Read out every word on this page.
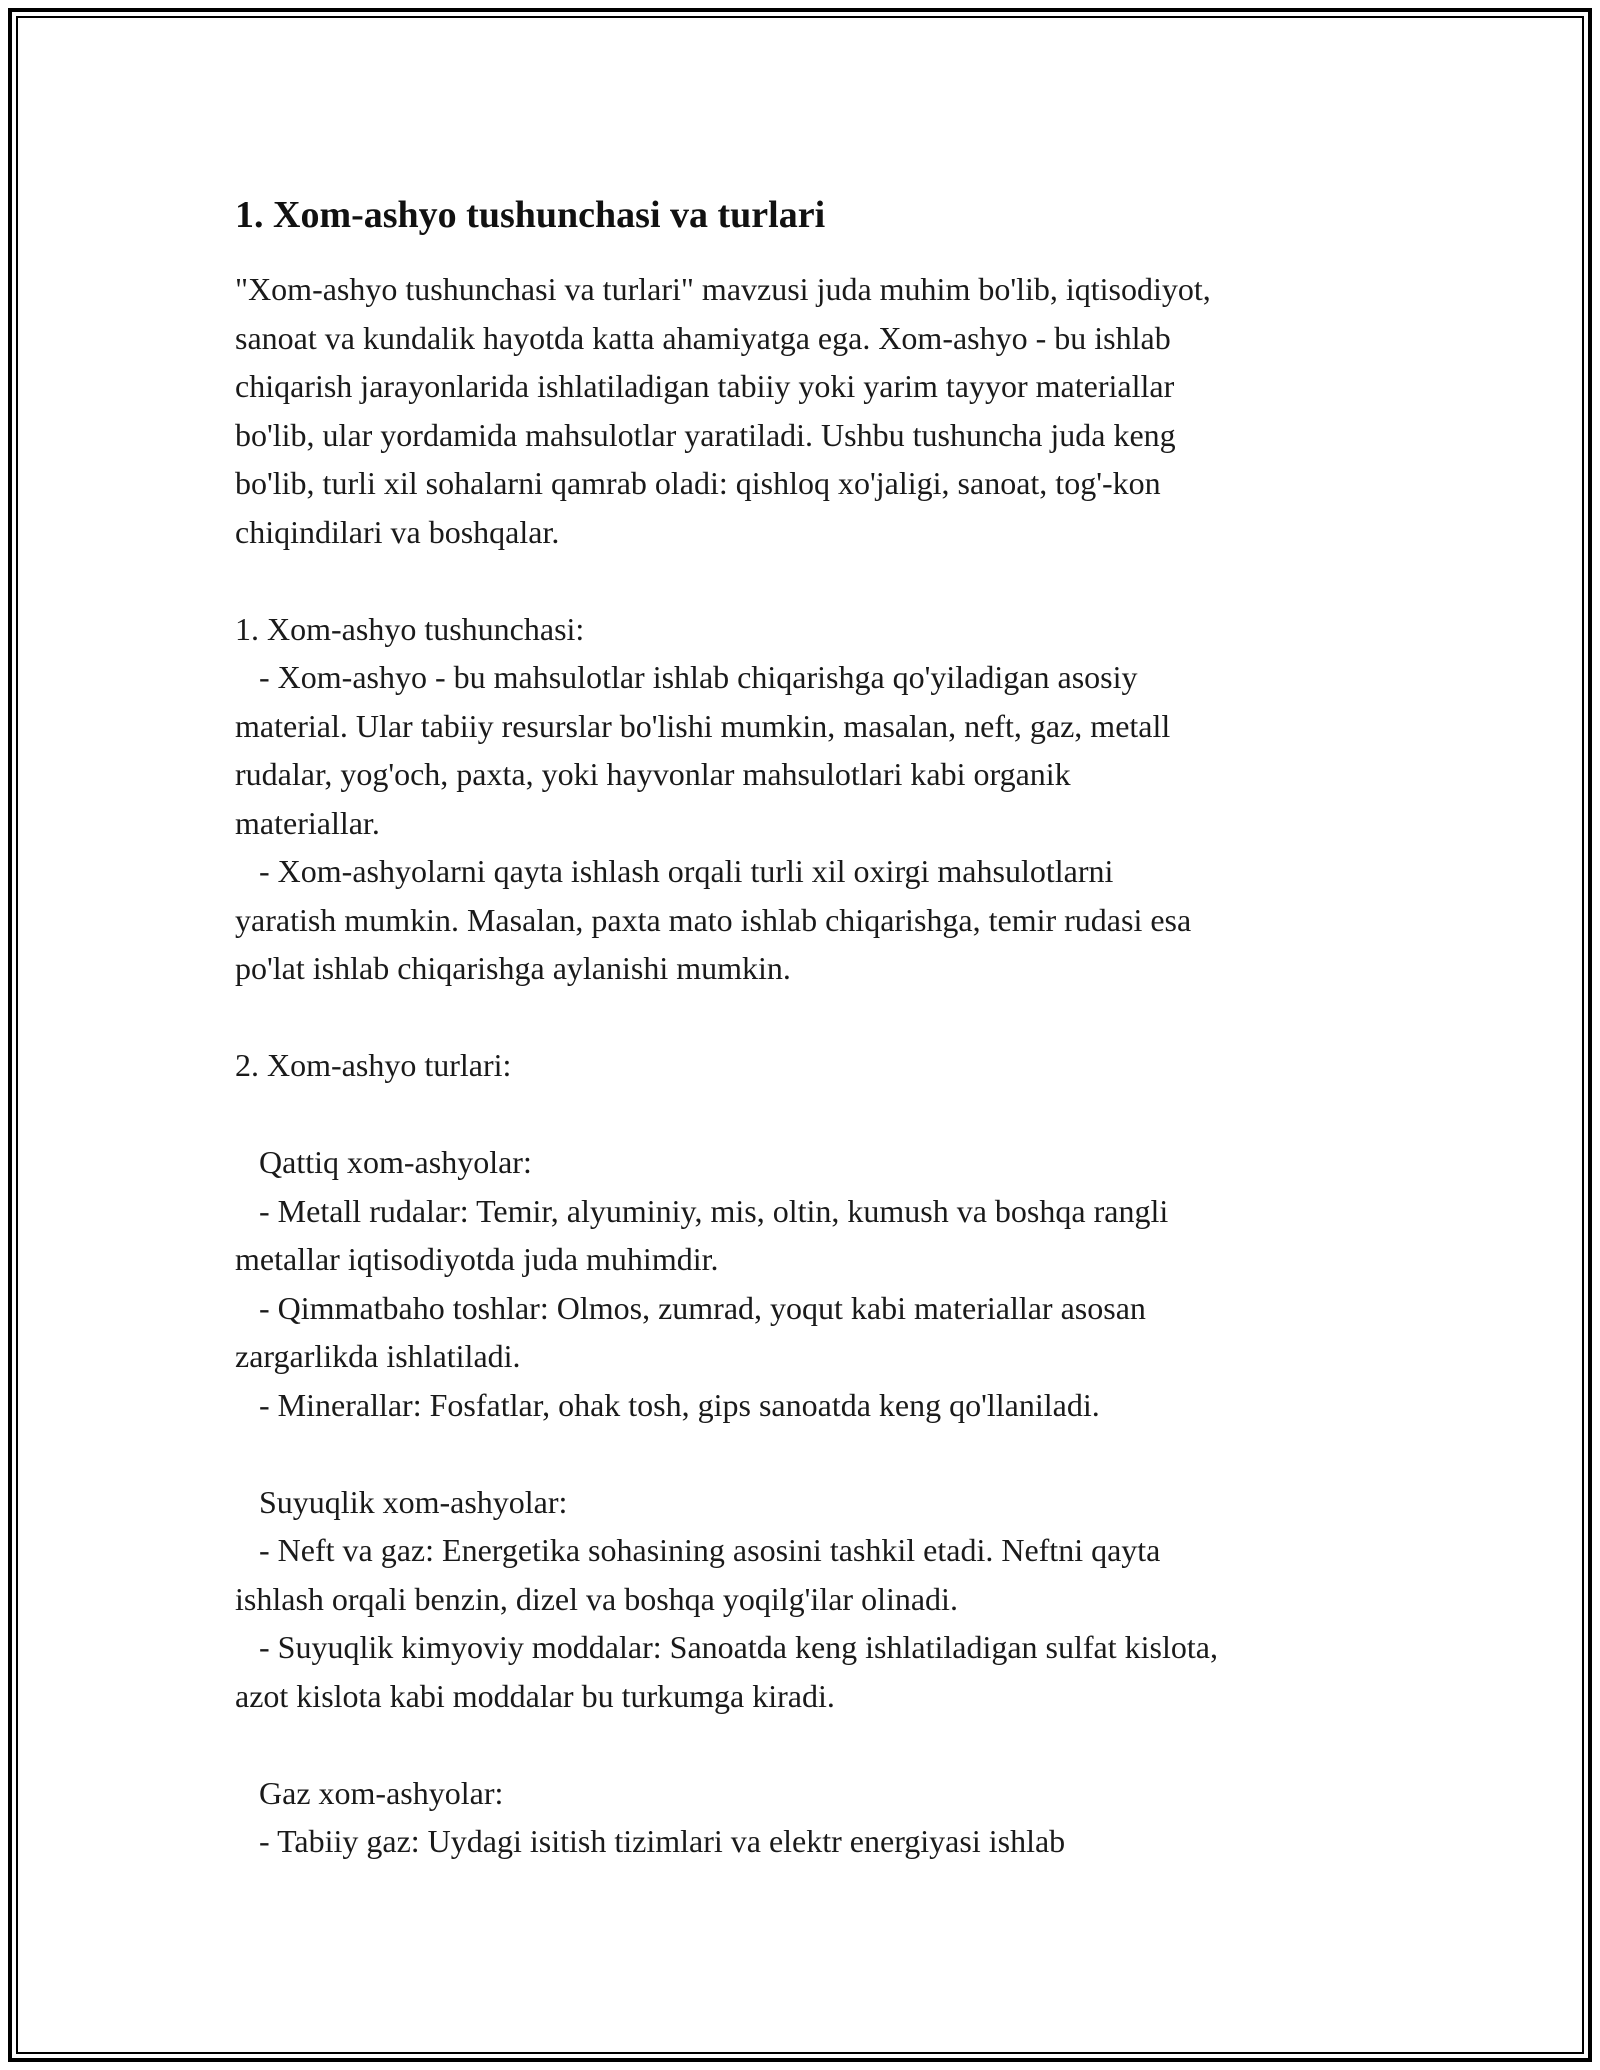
1. Xom-ashyo tushunchasi va turlari

"Xom-ashyo tushunchasi va turlari" mavzusi juda muhim bo'lib, iqtisodiyot,
sanoat va kundalik hayotda katta ahamiyatga ega. Xom-ashyo - bu ishlab
chiqarish jarayonlarida ishlatiladigan tabiiy yoki yarim tayyor materiallar
bo'lib, ular yordamida mahsulotlar yaratiladi. Ushbu tushuncha juda keng
bo'lib, turli xil sohalarni qamrab oladi: qishloq xo'jaligi, sanoat, tog'-kon
chiqindilari va boshqalar.

1. Xom-ashyo tushunchasi:
- Xom-ashyo - bu mahsulotlar ishlab chiqarishga qo'yiladigan asosiy
material. Ular tabiiy resurslar bo'lishi mumkin, masalan, neft, gaz, metall
rudalar, yog'och, paxta, yoki hayvonlar mahsulotlari kabi organik
materiallar.
- Xom-ashyolarni qayta ishlash orqali turli xil oxirgi mahsulotlarni
yaratish mumkin. Masalan, paxta mato ishlab chiqarishga, temir rudasi esa
po'lat ishlab chiqarishga aylanishi mumkin.

2. Xom-ashyo turlari:

Qattiq xom-ashyolar:
- Metall rudalar: Temir, alyuminiy, mis, oltin, kumush va boshqa rangli
metallar iqtisodiyotda juda muhimdir.
- Qimmatbaho toshlar: Olmos, zumrad, yoqut kabi materiallar asosan
zargarlikda ishlatiladi.
- Minerallar: Fosfatlar, ohak tosh, gips sanoatda keng qo'llaniladi.

Suyuqlik xom-ashyolar:
- Neft va gaz: Energetika sohasining asosini tashkil etadi. Neftni qayta
ishlash orqali benzin, dizel va boshqa yoqilg'ilar olinadi.
- Suyuqlik kimyoviy moddalar: Sanoatda keng ishlatiladigan sulfat kislota,
azot kislota kabi moddalar bu turkumga kiradi.

Gaz xom-ashyolar:
- Tabiiy gaz: Uydagi isitish tizimlari va elektr energiyasi ishlab
